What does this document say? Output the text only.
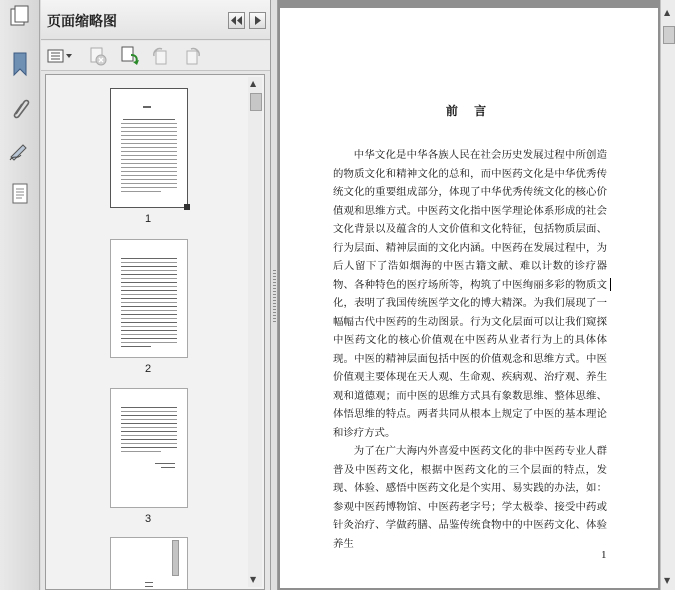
页面缩略图
1
2
3
▲
▼
前 言

中华文化是中华各族人民在社会历史发展过程中所创造的物质文化和精神文化的总和，而中医药文化是中华优秀传统文化的重要组成部分，体现了中华优秀传统文化的核心价值观和思维方式。中医药文化指中医学理论体系形成的社会文化背景以及蕴含的人文价值和文化特征，包括物质层面、行为层面、精神层面的文化内涵。中医药在发展过程中，为后人留下了浩如烟海的中医古籍文献、难以计数的诊疗器物、各种特色的医疗场所等，构筑了中医绚丽多彩的物质文化，表明了我国传统医学文化的博大精深。为我们展现了一幅幅古代中医药的生动图景。行为文化层面可以让我们窥探中医药文化的核心价值观在中医药从业者行为上的具体体现。中医的精神层面包括中医的价值观念和思维方式。中医价值观主要体现在天人观、生命观、疾病观、治疗观、养生观和道德观；而中医的思维方式具有象数思维、整体思维、体悟思维的特点。两者共同从根本上规定了中医的基本理论和诊疗方式。

为了在广大海内外喜爱中医药文化的非中医药专业人群普及中医药文化，根据中医药文化的三个层面的特点，发现、体验、感悟中医药文化是个实用、易实践的办法，如：参观中医药博物馆、中医药老字号；学太极拳、接受中药或针灸治疗、学做药膳、品鉴传统食物中的中医药文化、体验养生

1
▲
▼
